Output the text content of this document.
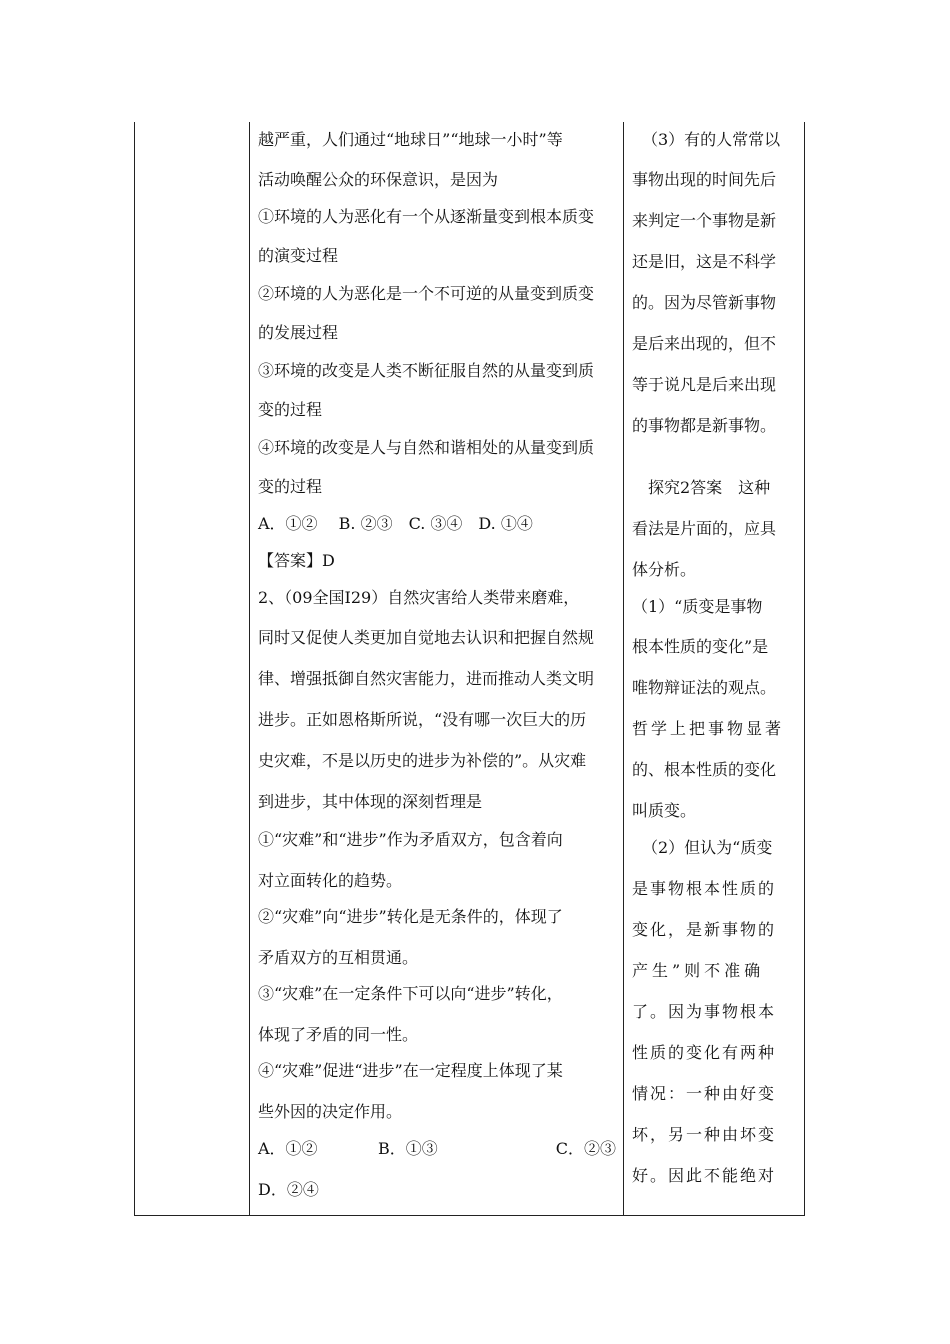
越严重，人们通过“地球日”“地球一小时”等
活动唤醒公众的环保意识，是因为
①环境的人为恶化有一个从逐渐量变到根本质变
的演变过程
②环境的人为恶化是一个不可逆的从量变到质变
的发展过程
③环境的改变是人类不断征服自然的从量变到质
变的过程
④环境的改变是人与自然和谐相处的从量变到质
变的过程
A．①②　 B. ②③　C. ③④　D. ①④
【答案】D
2、（09全国Ⅰ29）自然灾害给人类带来磨难，
同时又促使人类更加自觉地去认识和把握自然规
律、增强抵御自然灾害能力，进而推动人类文明
进步。正如恩格斯所说，“没有哪一次巨大的历
史灾难，不是以历史的进步为补偿的”。从灾难
到进步，其中体现的深刻哲理是
①“灾难”和“进步”作为矛盾双方，包含着向
对立面转化的趋势。
②“灾难”向“进步”转化是无条件的，体现了
矛盾双方的互相贯通。
③“灾难”在一定条件下可以向“进步”转化，
体现了矛盾的同一性。
④“灾难”促进“进步”在一定程度上体现了某
些外因的决定作用。
A．①②	B．①③	C．②③
D．②④
（3）有的人常常以
事物出现的时间先后
来判定一个事物是新
还是旧，这是不科学
的。因为尽管新事物
是后来出现的，但不
等于说凡是后来出现
的事物都是新事物。
探究2答案　这种
看法是片面的，应具
体分析。
（1）“质变是事物
根本性质的变化”是
唯物辩证法的观点。
哲学上把事物显著
的、根本性质的变化
叫质变。
（2）但认为“质变
是事物根本性质的
变化，是新事物的
产生”则不准确
了。因为事物根本
性质的变化有两种
情况：一种由好变
坏，另一种由坏变
好。因此不能绝对
